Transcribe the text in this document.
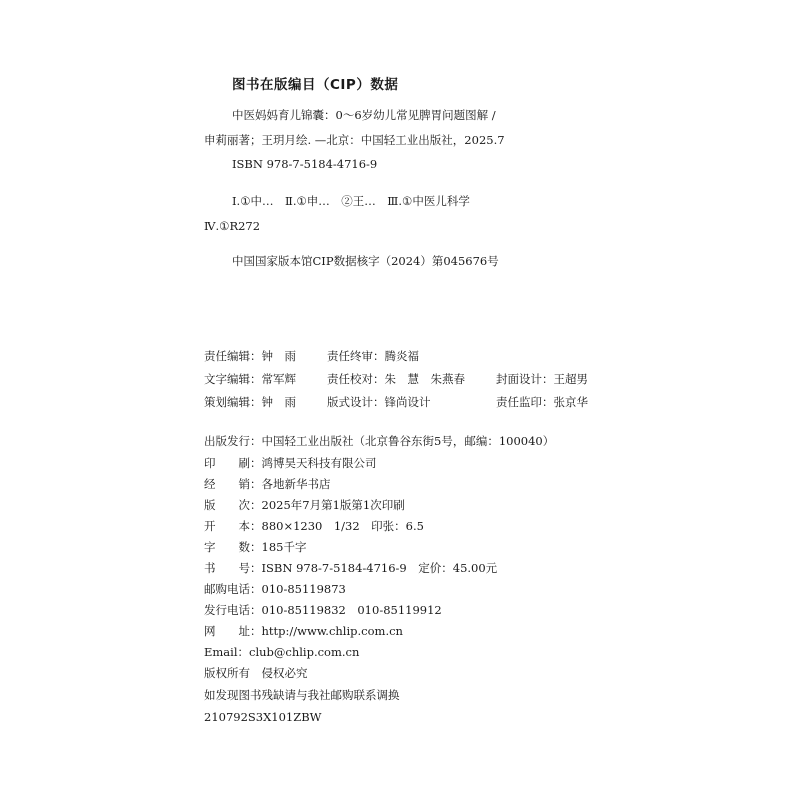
图书在版编目（CIP）数据
中医妈妈育儿锦囊：0～6岁幼儿常见脾胃问题图解 /
申莉丽著；王玥月绘. —北京：中国轻工业出版社，2025.7
ISBN 978-7-5184-4716-9
Ⅰ.①中…　Ⅱ.①申…　②王…　Ⅲ.①中医儿科学
Ⅳ.①R272
中国国家版本馆CIP数据核字（2024）第045676号
责任编辑：钟　雨	责任终审：腾炎福
文字编辑：常军辉	责任校对：朱　慧　朱燕春	封面设计：王超男
策划编辑：钟　雨	版式设计：锋尚设计	责任监印：张京华
出版发行：中国轻工业出版社（北京鲁谷东街5号，邮编：100040）
印　　刷：鸿博昊天科技有限公司
经　　销：各地新华书店
版　　次：2025年7月第1版第1次印刷
开　　本：880×1230　1/32　印张：6.5
字　　数：185千字
书　　号：ISBN 978-7-5184-4716-9　定价：45.00元
邮购电话：010-85119873
发行电话：010-85119832　010-85119912
网　　址：http://www.chlip.com.cn
Email：club@chlip.com.cn
版权所有　侵权必究
如发现图书残缺请与我社邮购联系调换
210792S3X101ZBW
